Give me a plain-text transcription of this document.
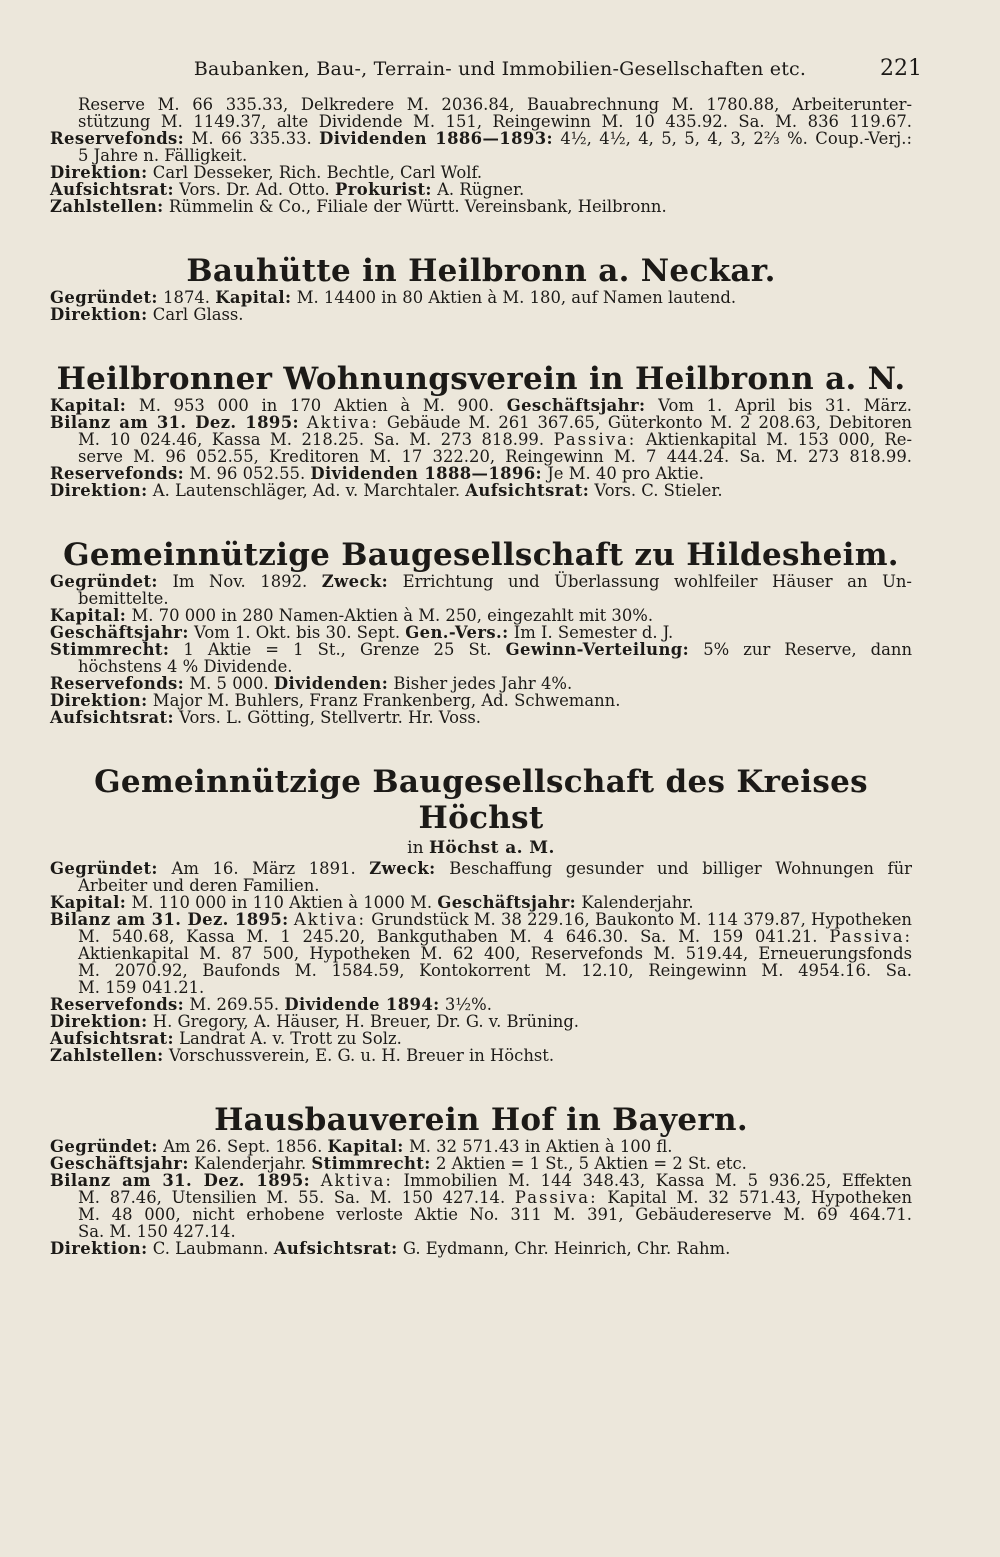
Baubanken, Bau-, Terrain- und Immobilien-Gesellschaften etc.	221
Reserve M. 66 335.33, Delkredere M. 2036.84, Bauabrechnung M. 1780.88, Arbeiterunter-
stützung M. 1149.37, alte Dividende M. 151, Reingewinn M. 10 435.92. Sa. M. 836 119.67.
Reservefonds: M. 66 335.33. Dividenden 1886—1893: 4½, 4½, 4, 5, 5, 4, 3, 2⅔ %. Coup.-Verj.:
5 Jahre n. Fälligkeit.
Direktion: Carl Desseker, Rich. Bechtle, Carl Wolf.
Aufsichtsrat: Vors. Dr. Ad. Otto. Prokurist: A. Rügner.
Zahlstellen: Rümmelin & Co., Filiale der Württ. Vereinsbank, Heilbronn.
Bauhütte in Heilbronn a. Neckar.
Gegründet: 1874. Kapital: M. 14400 in 80 Aktien à M. 180, auf Namen lautend.
Direktion: Carl Glass.
Heilbronner Wohnungsverein in Heilbronn a. N.
Kapital: M. 953 000 in 170 Aktien à M. 900. Geschäftsjahr: Vom 1. April bis 31. März.
Bilanz am 31. Dez. 1895: Aktiva: Gebäude M. 261 367.65, Güterkonto M. 2 208.63, Debitoren
M. 10 024.46, Kassa M. 218.25. Sa. M. 273 818.99. Passiva: Aktienkapital M. 153 000, Re-
serve M. 96 052.55, Kreditoren M. 17 322.20, Reingewinn M. 7 444.24. Sa. M. 273 818.99.
Reservefonds: M. 96 052.55. Dividenden 1888—1896: Je M. 40 pro Aktie.
Direktion: A. Lautenschläger, Ad. v. Marchtaler. Aufsichtsrat: Vors. C. Stieler.
Gemeinnützige Baugesellschaft zu Hildesheim.
Gegründet: Im Nov. 1892. Zweck: Errichtung und Überlassung wohlfeiler Häuser an Un-
bemittelte.
Kapital: M. 70 000 in 280 Namen-Aktien à M. 250, eingezahlt mit 30%.
Geschäftsjahr: Vom 1. Okt. bis 30. Sept. Gen.-Vers.: Im I. Semester d. J.
Stimmrecht: 1 Aktie = 1 St., Grenze 25 St. Gewinn-Verteilung: 5% zur Reserve, dann
höchstens 4 % Dividende.
Reservefonds: M. 5 000. Dividenden: Bisher jedes Jahr 4%.
Direktion: Major M. Buhlers, Franz Frankenberg, Ad. Schwemann.
Aufsichtsrat: Vors. L. Götting, Stellvertr. Hr. Voss.
Gemeinnützige Baugesellschaft des Kreises Höchst
in Höchst a. M.
Gegründet: Am 16. März 1891. Zweck: Beschaffung gesunder und billiger Wohnungen für
Arbeiter und deren Familien.
Kapital: M. 110 000 in 110 Aktien à 1000 M. Geschäftsjahr: Kalenderjahr.
Bilanz am 31. Dez. 1895: Aktiva: Grundstück M. 38 229.16, Baukonto M. 114 379.87, Hypotheken
M. 540.68, Kassa M. 1 245.20, Bankguthaben M. 4 646.30. Sa. M. 159 041.21. Passiva:
Aktienkapital M. 87 500, Hypotheken M. 62 400, Reservefonds M. 519.44, Erneuerungsfonds
M. 2070.92, Baufonds M. 1584.59, Kontokorrent M. 12.10, Reingewinn M. 4954.16. Sa.
M. 159 041.21.
Reservefonds: M. 269.55. Dividende 1894: 3½%.
Direktion: H. Gregory, A. Häuser, H. Breuer, Dr. G. v. Brüning.
Aufsichtsrat: Landrat A. v. Trott zu Solz.
Zahlstellen: Vorschussverein, E. G. u. H. Breuer in Höchst.
Hausbauverein Hof in Bayern.
Gegründet: Am 26. Sept. 1856. Kapital: M. 32 571.43 in Aktien à 100 fl.
Geschäftsjahr: Kalenderjahr. Stimmrecht: 2 Aktien = 1 St., 5 Aktien = 2 St. etc.
Bilanz am 31. Dez. 1895: Aktiva: Immobilien M. 144 348.43, Kassa M. 5 936.25, Effekten
M. 87.46, Utensilien M. 55. Sa. M. 150 427.14. Passiva: Kapital M. 32 571.43, Hypotheken
M. 48 000, nicht erhobene verloste Aktie No. 311 M. 391, Gebäudereserve M. 69 464.71.
Sa. M. 150 427.14.
Direktion: C. Laubmann. Aufsichtsrat: G. Eydmann, Chr. Heinrich, Chr. Rahm.
